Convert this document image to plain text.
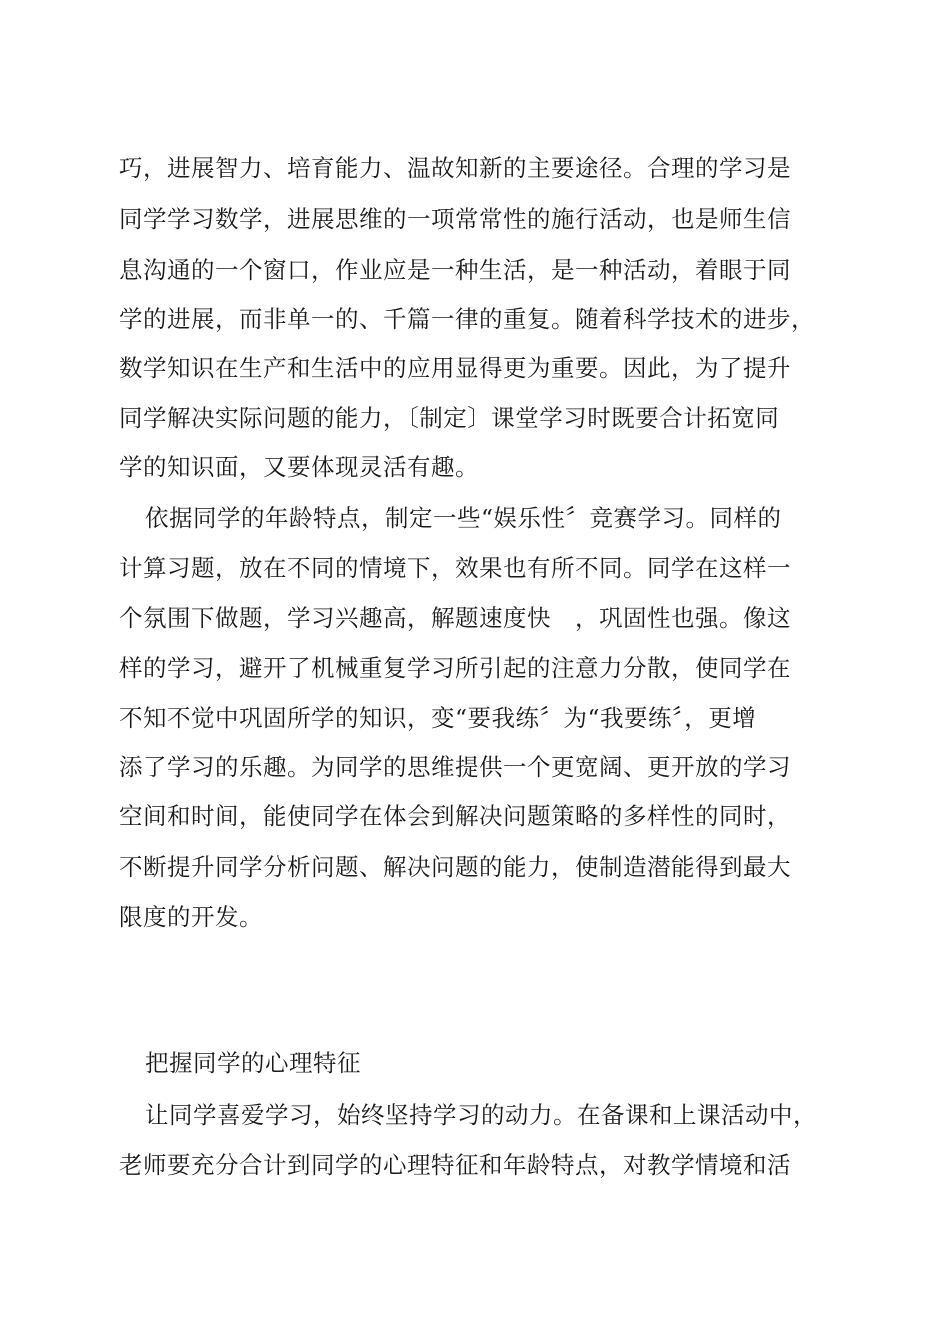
巧，进展智力、培育能力、温故知新的主要途径。合理的学习是
同学学习数学，进展思维的一项常常性的施行活动，也是师生信
息沟通的一个窗口，作业应是一种生活，是一种活动，着眼于同
学的进展，而非单一的、千篇一律的重复。随着科学技术的进步，
数学知识在生产和生活中的应用显得更为重要。因此，为了提升
同学解决实际问题的能力，〔制定〕课堂学习时既要合计拓宽同
学的知识面，又要体现灵活有趣。
依据同学的年龄特点，制定一些“娱乐性〞竞赛学习。同样的
计算习题，放在不同的情境下，效果也有所不同。同学在这样一
个氛围下做题，学习兴趣高，解题速度快　，巩固性也强。像这
样的学习，避开了机械重复学习所引起的注意力分散，使同学在
不知不觉中巩固所学的知识，变“要我练〞为“我要练〞，更增
添了学习的乐趣。为同学的思维提供一个更宽阔、更开放的学习
空间和时间，能使同学在体会到解决问题策略的多样性的同时，
不断提升同学分析问题、解决问题的能力，使制造潜能得到最大
限度的开发。
把握同学的心理特征
让同学喜爱学习，始终坚持学习的动力。在备课和上课活动中，
老师要充分合计到同学的心理特征和年龄特点，对教学情境和活
